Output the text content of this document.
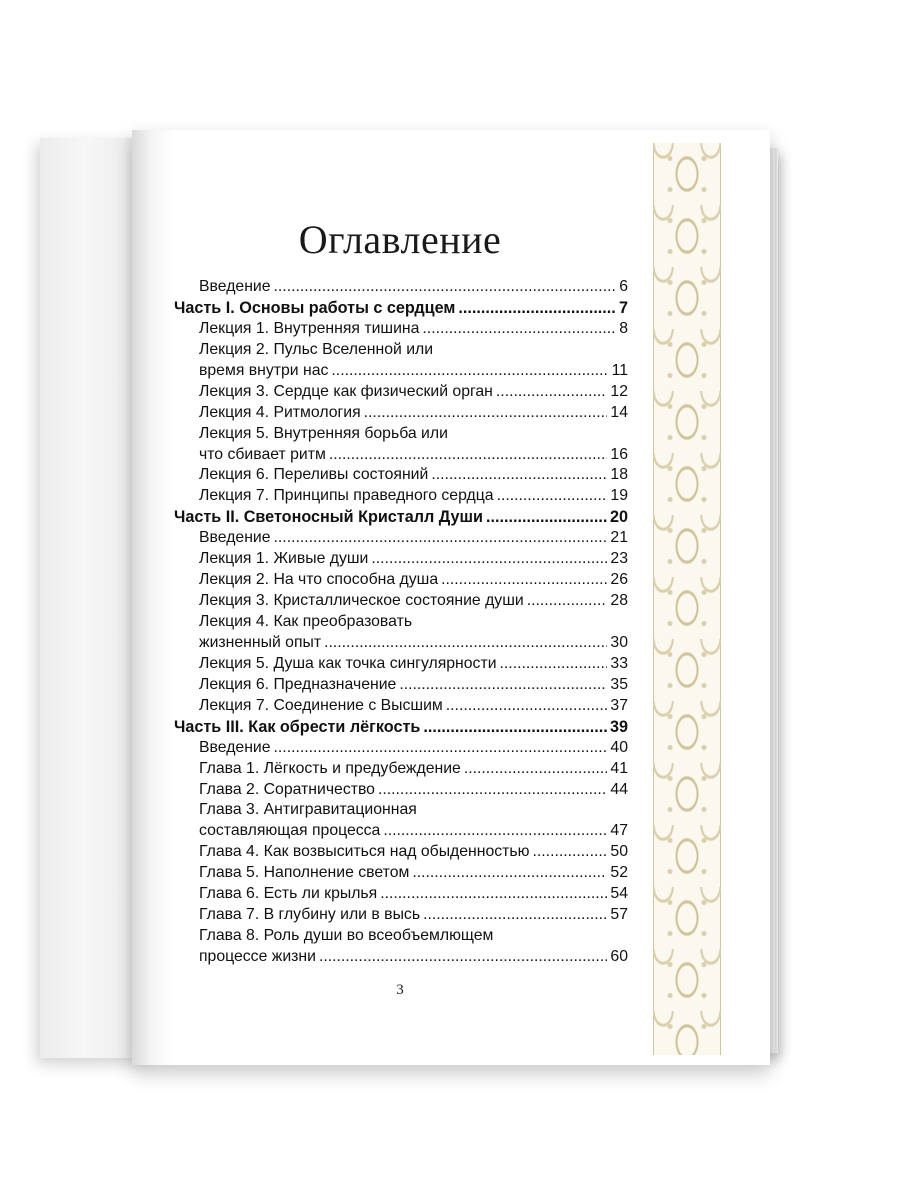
Оглавление
Введение .....	6
Часть I. Основы работы с сердцем .....	7
Лекция 1. Внутренняя тишина .....	8
Лекция 2. Пульс Вселенной или
время внутри нас .....	11
Лекция 3. Сердце как физический орган .....	12
Лекция 4. Ритмология .....	14
Лекция 5. Внутренняя борьба или
что сбивает ритм .....	16
Лекция 6. Переливы состояний .....	18
Лекция 7. Принципы праведного сердца .....	19
Часть II. Светоносный Кристалл Души .....	20
Введение .....	21
Лекция 1. Живые души .....	23
Лекция 2. На что способна душа .....	26
Лекция 3. Кристаллическое состояние души .....	28
Лекция 4. Как преобразовать
жизненный опыт .....	30
Лекция 5. Душа как точка сингулярности .....	33
Лекция 6. Предназначение .....	35
Лекция 7. Соединение с Высшим .....	37
Часть III. Как обрести лёгкость .....	39
Введение .....	40
Глава 1. Лёгкость и предубеждение .....	41
Глава 2. Соратничество .....	44
Глава 3. Антигравитационная
составляющая процесса .....	47
Глава 4. Как возвыситься над обыденностью .....	50
Глава 5. Наполнение светом .....	52
Глава 6. Есть ли крылья .....	54
Глава 7. В глубину или в высь .....	57
Глава 8. Роль души во всеобъемлющем
процессе жизни .....	60
3
